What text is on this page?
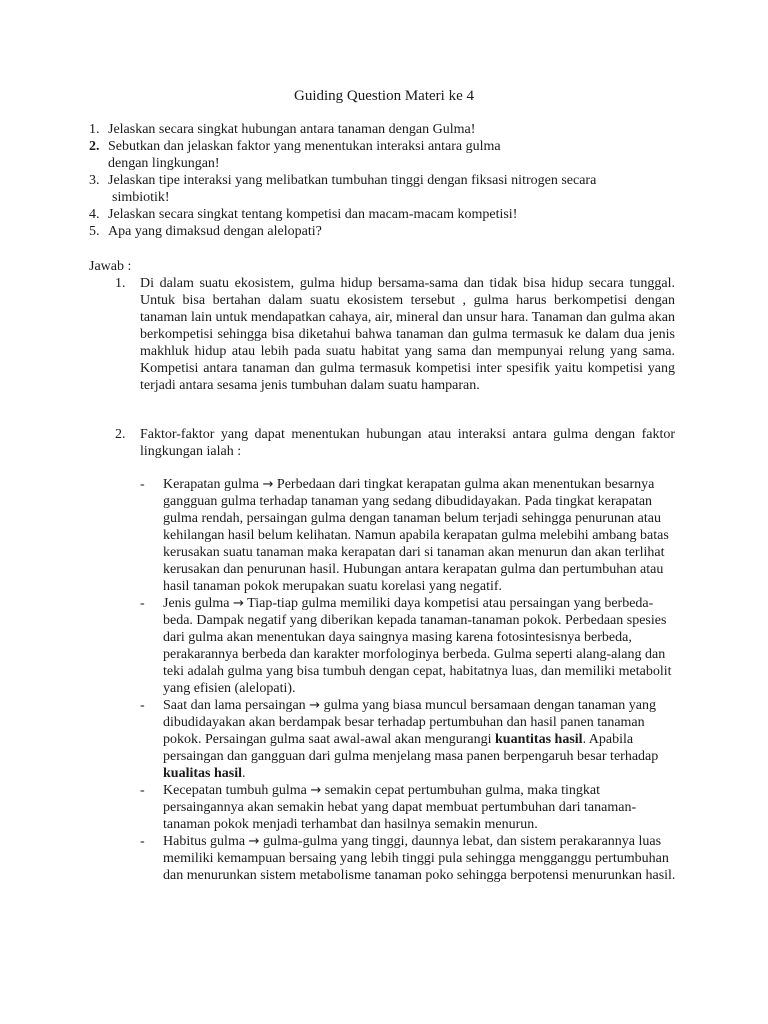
Guiding Question Materi ke 4
1. Jelaskan secara singkat hubungan antara tanaman dengan Gulma!
2. Sebutkan dan jelaskan faktor yang menentukan interaksi antara gulma
dengan lingkungan!
3. Jelaskan tipe interaksi yang melibatkan tumbuhan tinggi dengan fiksasi nitrogen secara
simbiotik!
4. Jelaskan secara singkat tentang kompetisi dan macam-macam kompetisi!
5. Apa yang dimaksud dengan alelopati?
Jawab :
1.	Di dalam suatu ekosistem, gulma hidup bersama-sama dan tidak bisa hidup secara tunggal. Untuk bisa bertahan dalam suatu ekosistem tersebut , gulma harus berkompetisi dengan tanaman lain untuk mendapatkan cahaya, air, mineral dan unsur hara. Tanaman dan gulma akan berkompetisi sehingga bisa diketahui bahwa tanaman dan gulma termasuk ke dalam dua jenis makhluk hidup atau lebih pada suatu habitat yang sama dan mempunyai relung yang sama. Kompetisi antara tanaman dan gulma termasuk kompetisi inter spesifik yaitu kompetisi yang terjadi antara sesama jenis tumbuhan dalam suatu hamparan.
2.	Faktor-faktor yang dapat menentukan hubungan atau interaksi antara gulma dengan faktor lingkungan ialah :
-	Kerapatan gulma → Perbedaan dari tingkat kerapatan gulma akan menentukan besarnya gangguan gulma terhadap tanaman yang sedang dibudidayakan. Pada tingkat kerapatan gulma rendah, persaingan gulma dengan tanaman belum terjadi sehingga penurunan atau kehilangan hasil belum kelihatan. Namun apabila kerapatan gulma melebihi ambang batas kerusakan suatu tanaman maka kerapatan dari si tanaman akan menurun dan akan terlihat kerusakan dan penurunan hasil. Hubungan antara kerapatan gulma dan pertumbuhan atau hasil tanaman pokok merupakan suatu korelasi yang negatif.
-	Jenis gulma → Tiap-tiap gulma memiliki daya kompetisi atau persaingan yang berbeda-beda. Dampak negatif yang diberikan kepada tanaman-tanaman pokok. Perbedaan spesies dari gulma akan menentukan daya saingnya masing karena fotosintesisnya berbeda, perakarannya berbeda dan karakter morfologinya berbeda. Gulma seperti alang-alang dan teki adalah gulma yang bisa tumbuh dengan cepat, habitatnya luas, dan memiliki metabolit yang efisien (alelopati).
-	Saat dan lama persaingan → gulma yang biasa muncul bersamaan dengan tanaman yang dibudidayakan akan berdampak besar terhadap pertumbuhan dan hasil panen tanaman pokok. Persaingan gulma saat awal-awal akan mengurangi kuantitas hasil. Apabila persaingan dan gangguan dari gulma menjelang masa panen berpengaruh besar terhadap kualitas hasil.
-	Kecepatan tumbuh gulma → semakin cepat pertumbuhan gulma, maka tingkat persaingannya akan semakin hebat yang dapat membuat pertumbuhan dari tanaman-tanaman pokok menjadi terhambat dan hasilnya semakin menurun.
-	Habitus gulma → gulma-gulma yang tinggi, daunnya lebat, dan sistem perakarannya luas memiliki kemampuan bersaing yang lebih tinggi pula sehingga mengganggu pertumbuhan dan menurunkan sistem metabolisme tanaman poko sehingga berpotensi menurunkan hasil.
